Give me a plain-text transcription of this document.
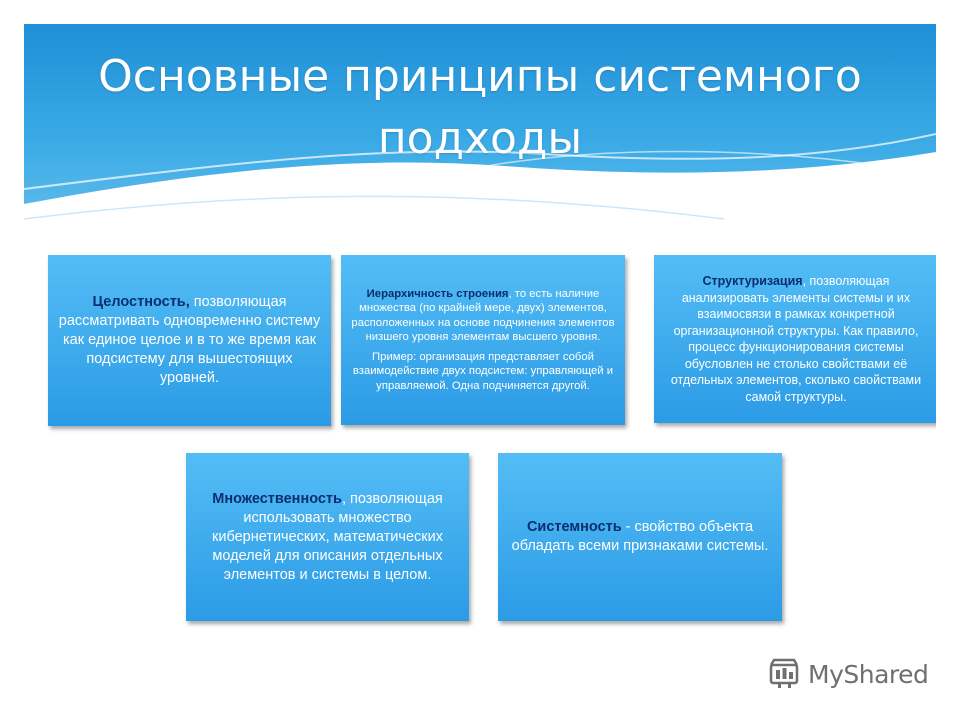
Основные принципы системного
подходы
Целостность, позволяющая рассматривать одновременно систему как единое целое и в то же время как подсистему для вышестоящих уровней.
Иерархичность строения, то есть наличие множества (по крайней мере, двух) элементов, расположенных на основе подчинения элементов низшего уровня элементам высшего уровня.
Пример: организация представляет собой взаимодействие двух подсистем: управляющей и управляемой. Одна подчиняется другой.
Структуризация, позволяющая анализировать элементы системы и их взаимосвязи в рамках конкретной организационной структуры. Как правило, процесс функционирования системы обусловлен не столько свойствами её отдельных элементов, сколько свойствами самой структуры.
Множественность, позволяющая использовать множество кибернетических, математических моделей для описания отдельных элементов и системы в целом.
Системность - свойство объекта обладать всеми признаками системы.
MyShared
